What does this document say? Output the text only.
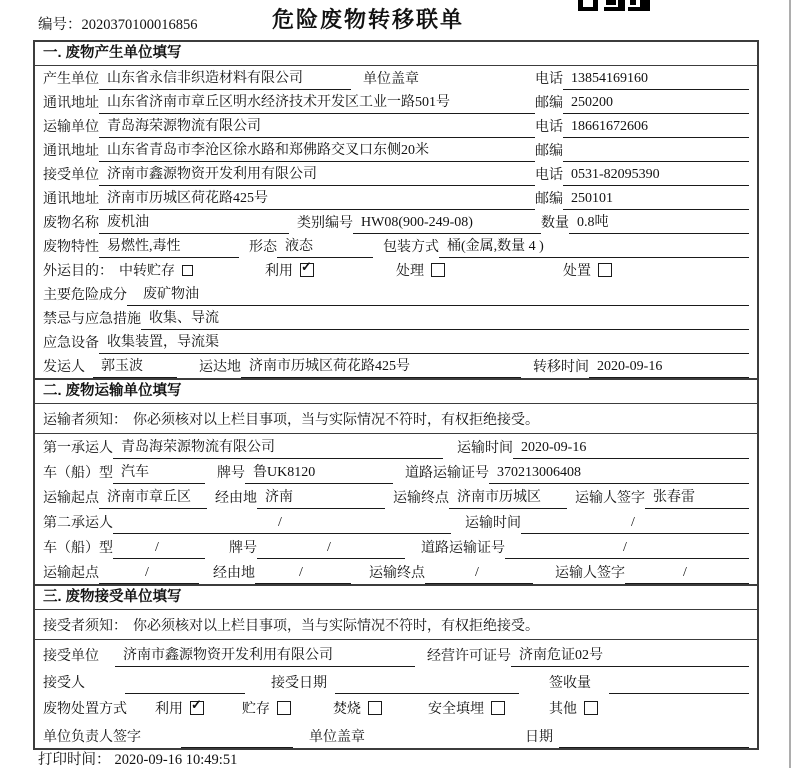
编号：2020370100016856	危险废物转移联单
一. 废物产生单位填写
产生单位 山东省永信非织造材料有限公司	单位盖章	电话 13854169160
通讯地址 山东省济南市章丘区明水经济技术开发区工业一路501号	邮编 250200
运输单位 青岛海荣源物流有限公司	电话 18661672606
通讯地址 山东省青岛市李沧区徐水路和郑佛路交叉口东侧20米	邮编
接受单位 济南市鑫源物资开发利用有限公司	电话 0531-82095390
通讯地址 济南市历城区荷花路425号	邮编 250101
废物名称 废机油	类别编号 HW08(900-249-08)	数量 0.8吨
废物特性 易燃性,毒性	形态 液态	包装方式 桶(金属,数量 4 )
外运目的： 中转贮存	利用 ✓	处理	处置
主要危险成分	废矿物油
禁忌与应急措施 收集、导流
应急设备 收集装置，导流渠
发运人	郭玉波	运达地 济南市历城区荷花路425号	转移时间 2020-09-16
二. 废物运输单位填写
运输者须知： 你必须核对以上栏目事项，当与实际情况不符时，有权拒绝接受。
第一承运人 青岛海荣源物流有限公司	运输时间 2020-09-16
车（船）型 汽车	牌号 鲁UK8120	道路运输证号 370213006408
运输起点 济南市章丘区	经由地 济南	运输终点 济南市历城区	运输人签字 张春雷
第二承运人	/	运输时间	/
车（船）型	/	牌号	/	道路运输证号	/
运输起点	/	经由地	/	运输终点	/	运输人签字	/
三. 废物接受单位填写
接受者须知： 你必须核对以上栏目事项，当与实际情况不符时，有权拒绝接受。
接受单位	济南市鑫源物资开发利用有限公司	经营许可证号 济南危证02号
接受人	接受日期	签收量
废物处置方式 利用 ✓	贮存	焚烧	安全填埋	其他
单位负责人签字	单位盖章	日期
打印时间： 2020-09-16 10:49:51
